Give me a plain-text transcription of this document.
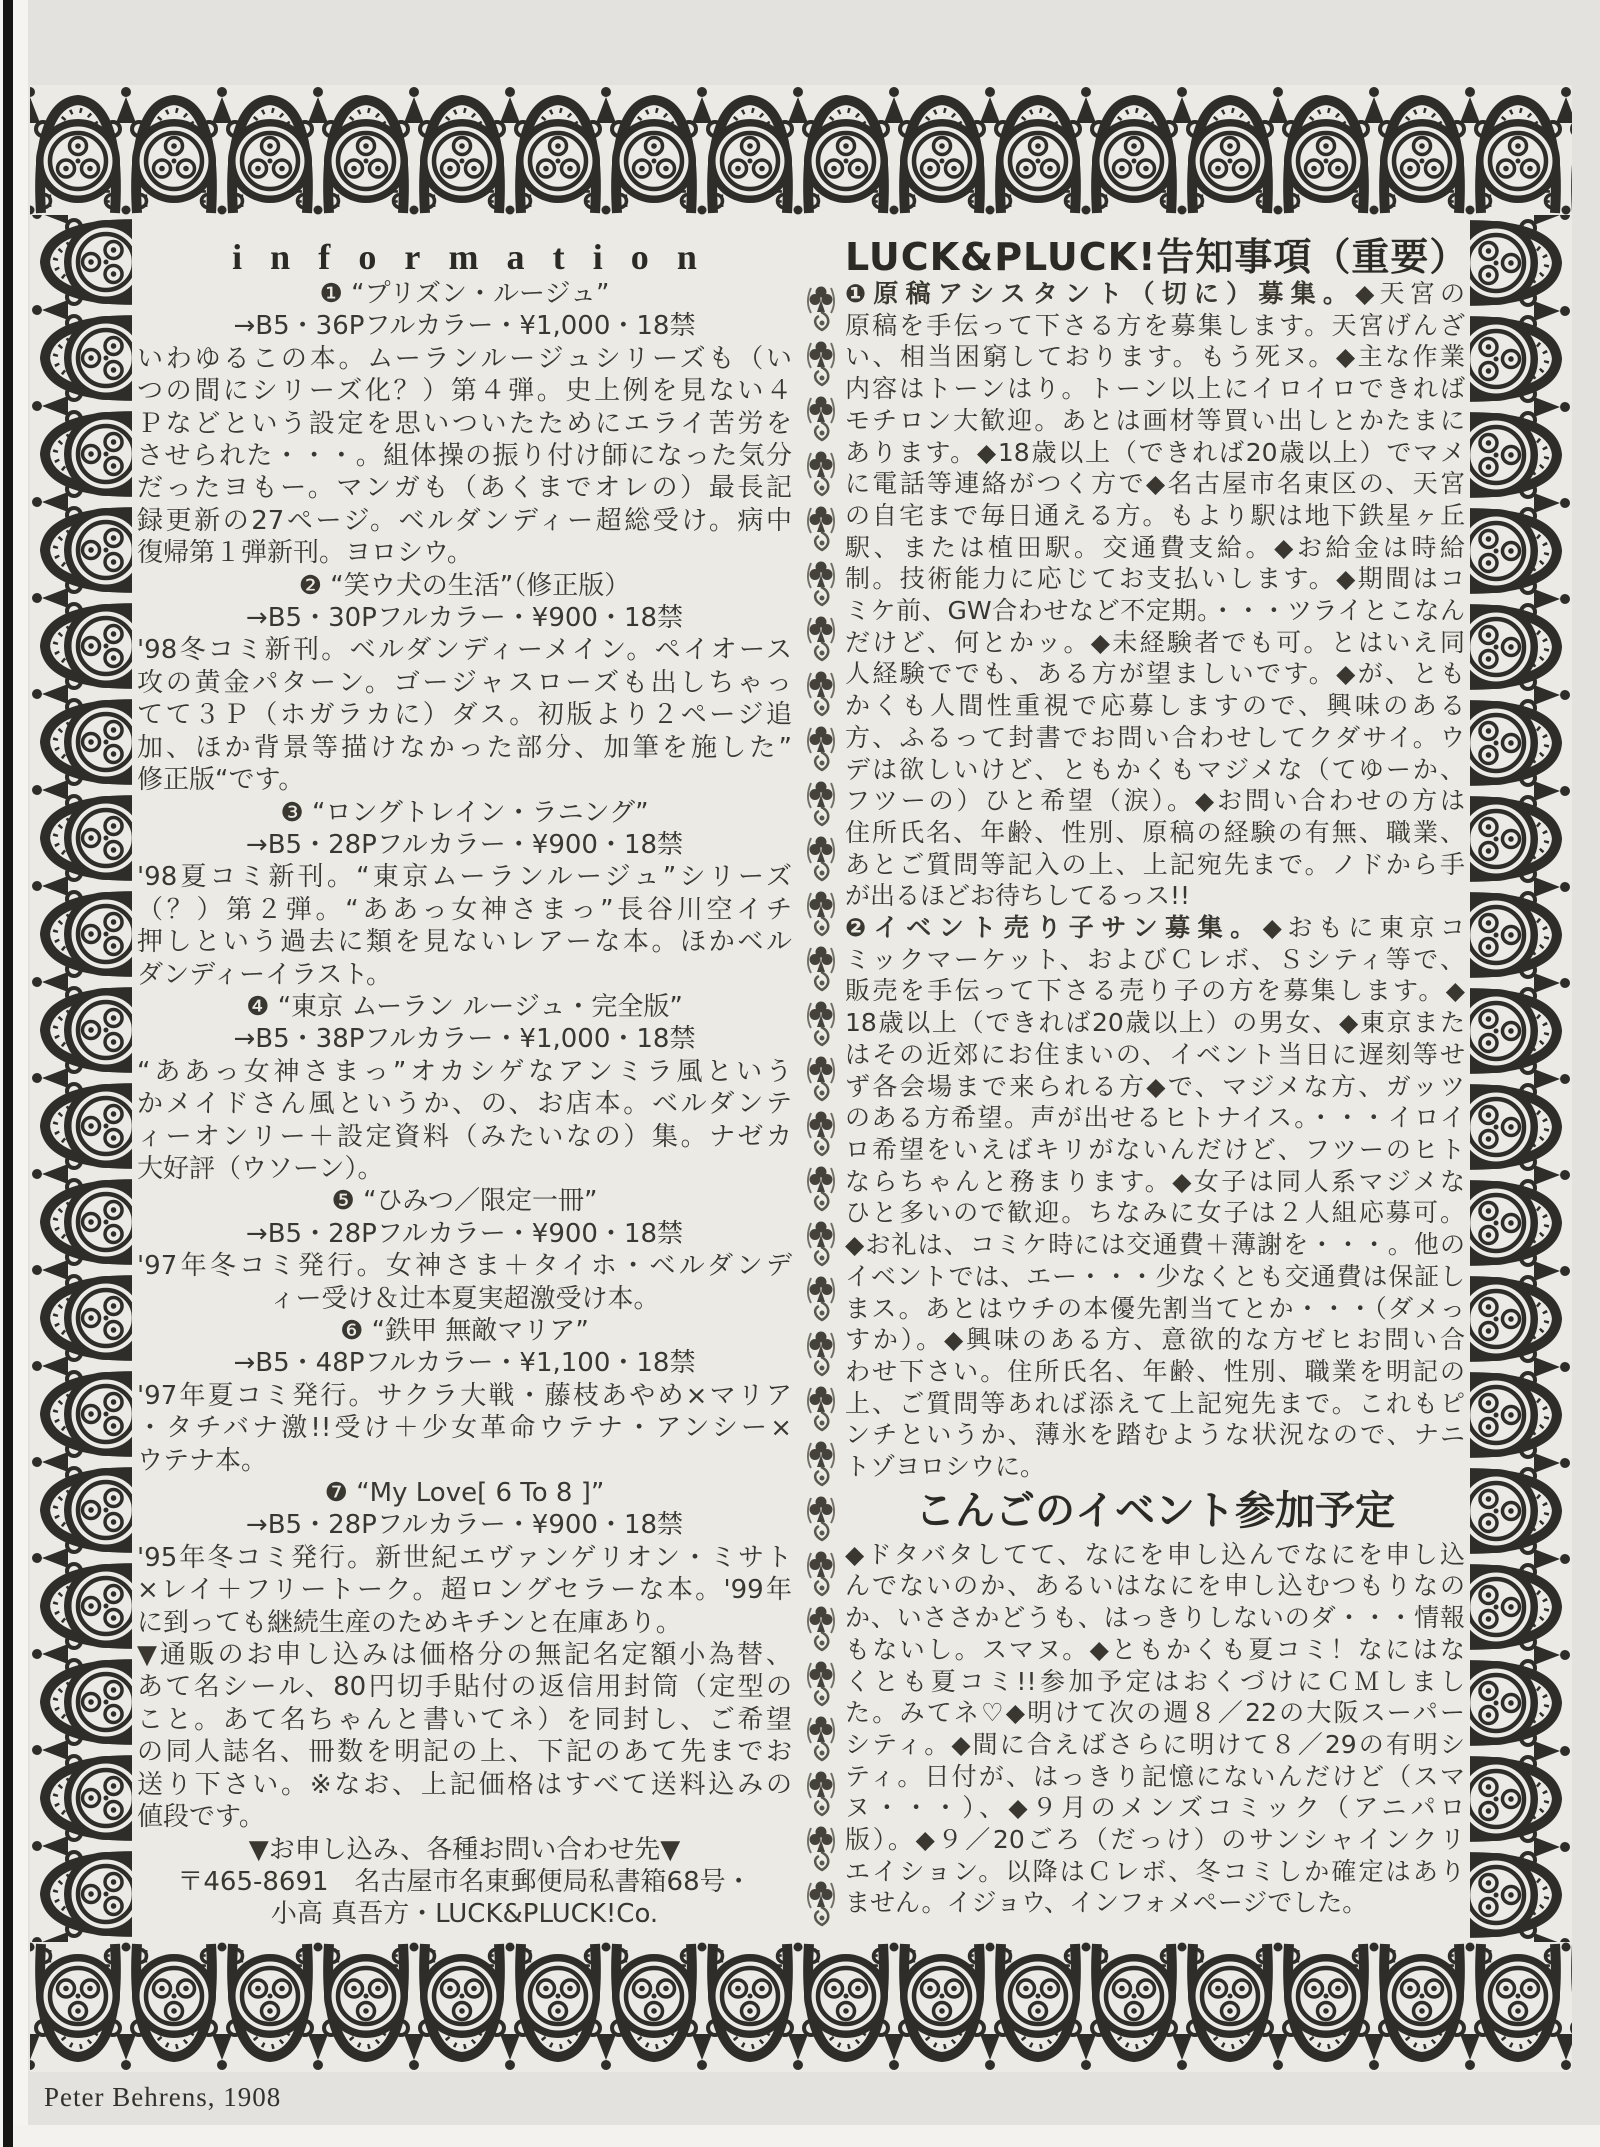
information
❶ “プリズン・ルージュ”
→B5・36Pフルカラー・¥1,000・18禁
いわゆるこの本。ムーランルージュシリーズも（い
つの間にシリーズ化？）第４弾。史上例を見ない４
Ｐなどという設定を思いついたためにエライ苦労を
させられた・・・。組体操の振り付け師になった気分
だったヨもー。マンガも（あくまでオレの）最長記
録更新の27ページ。ベルダンディー超総受け。病中
復帰第１弾新刊。ヨロシウ。
❷ “笑ウ犬の生活”（修正版）
→B5・30Pフルカラー・¥900・18禁
'98冬コミ新刊。ベルダンディーメイン。ペイオース
攻の黄金パターン。ゴージャスローズも出しちゃっ
てて３Ｐ（ホガラカに）ダス。初版より２ページ追
加、ほか背景等描けなかった部分、加筆を施した”
修正版“です。
❸ “ロングトレイン・ラニング”
→B5・28Pフルカラー・¥900・18禁
'98夏コミ新刊。“東京ムーランルージュ”シリーズ
（？）第２弾。“ああっ女神さまっ”長谷川空イチ
押しという過去に類を見ないレアーな本。ほかベル
ダンディーイラスト。
❹ “東京 ムーラン ルージュ・完全版”
→B5・38Pフルカラー・¥1,000・18禁
“ああっ女神さまっ”オカシゲなアンミラ風という
かメイドさん風というか、の、お店本。ベルダンテ
ィーオンリー＋設定資料（みたいなの）集。ナゼカ
大好評（ウソーン）。
❺ “ひみつ／限定一冊”
→B5・28Pフルカラー・¥900・18禁
'97年冬コミ発行。女神さま＋タイホ・ベルダンデ
ィー受け＆辻本夏実超激受け本。
❻ “鉄甲 無敵マリア”
→B5・48Pフルカラー・¥1,100・18禁
'97年夏コミ発行。サクラ大戦・藤枝あやめ×マリア
・タチバナ激!!受け＋少女革命ウテナ・アンシー×
ウテナ本。
❼ “My Love[ 6 To 8 ]”
→B5・28Pフルカラー・¥900・18禁
'95年冬コミ発行。新世紀エヴァンゲリオン・ミサト
×レイ＋フリートーク。超ロングセラーな本。'99年
に到っても継続生産のためキチンと在庫あり。
▼通販のお申し込みは価格分の無記名定額小為替、
あて名シール、80円切手貼付の返信用封筒（定型の
こと。あて名ちゃんと書いてネ）を同封し、ご希望
の同人誌名、冊数を明記の上、下記のあて先までお
送り下さい。※なお、上記価格はすべて送料込みの
値段です。
▼お申し込み、各種お問い合わせ先▼
〒465-8691　名古屋市名東郵便局私書箱68号・
小高 真吾方・LUCK&PLUCK!Co.
LUCK&PLUCK!告知事項（重要）
❶原稿アシスタント（切に）募集。◆天宮の
原稿を手伝って下さる方を募集します。天宮げんざ
い、相当困窮しております。もう死ヌ。◆主な作業
内容はトーンはり。トーン以上にイロイロできれば
モチロン大歓迎。あとは画材等買い出しとかたまに
あります。◆18歳以上（できれば20歳以上）でマメ
に電話等連絡がつく方で◆名古屋市名東区の、天宮
の自宅まで毎日通える方。もより駅は地下鉄星ヶ丘
駅、または植田駅。交通費支給。◆お給金は時給
制。技術能力に応じてお支払いします。◆期間はコ
ミケ前、GW合わせなど不定期。・・・ツライとこなん
だけど、何とかッ。◆未経験者でも可。とはいえ同
人経験ででも、ある方が望ましいです。◆が、とも
かくも人間性重視で応募しますので、興味のある
方、ふるって封書でお問い合わせしてクダサイ。ウ
デは欲しいけど、ともかくもマジメな（てゆーか、
フツーの）ひと希望（涙）。◆お問い合わせの方は
住所氏名、年齢、性別、原稿の経験の有無、職業、
あとご質問等記入の上、上記宛先まで。ノドから手
が出るほどお待ちしてるっス!!
❷イベント売り子サン募集。◆おもに東京コ
ミックマーケット、およびＣレボ、Ｓシティ等で、
販売を手伝って下さる売り子の方を募集します。◆
18歳以上（できれば20歳以上）の男女、◆東京また
はその近郊にお住まいの、イベント当日に遅刻等せ
ず各会場まで来られる方◆で、マジメな方、ガッツ
のある方希望。声が出せるヒトナイス。・・・イロイ
ロ希望をいえばキリがないんだけど、フツーのヒト
ならちゃんと務まります。◆女子は同人系マジメな
ひと多いので歓迎。ちなみに女子は２人組応募可。
◆お礼は、コミケ時には交通費＋薄謝を・・・。他の
イベントでは、エー・・・少なくとも交通費は保証し
まス。あとはウチの本優先割当てとか・・・（ダメっ
すか）。◆興味のある方、意欲的な方ゼヒお問い合
わせ下さい。住所氏名、年齢、性別、職業を明記の
上、ご質問等あれば添えて上記宛先まで。これもピ
ンチというか、薄氷を踏むような状況なので、ナニ
トゾヨロシウに。
こんごのイベント参加予定
◆ドタバタしてて、なにを申し込んでなにを申し込
んでないのか、あるいはなにを申し込むつもりなの
か、いささかどうも、はっきりしないのダ・・・情報
もないし。スマヌ。◆ともかくも夏コミ！なにはな
くとも夏コミ!!参加予定はおくづけにＣＭしまし
た。みてネ♡◆明けて次の週８／22の大阪スーパー
シティ。◆間に合えばさらに明けて８／29の有明シ
ティ。日付が、はっきり記憶にないんだけど（スマ
ヌ・・・）、◆９月のメンズコミック（アニパロ
版）。◆９／20ごろ（だっけ）のサンシャインクリ
エイション。以降はＣレボ、冬コミしか確定はあり
ません。イジョウ、インフォメページでした。
Peter Behrens, 1908
